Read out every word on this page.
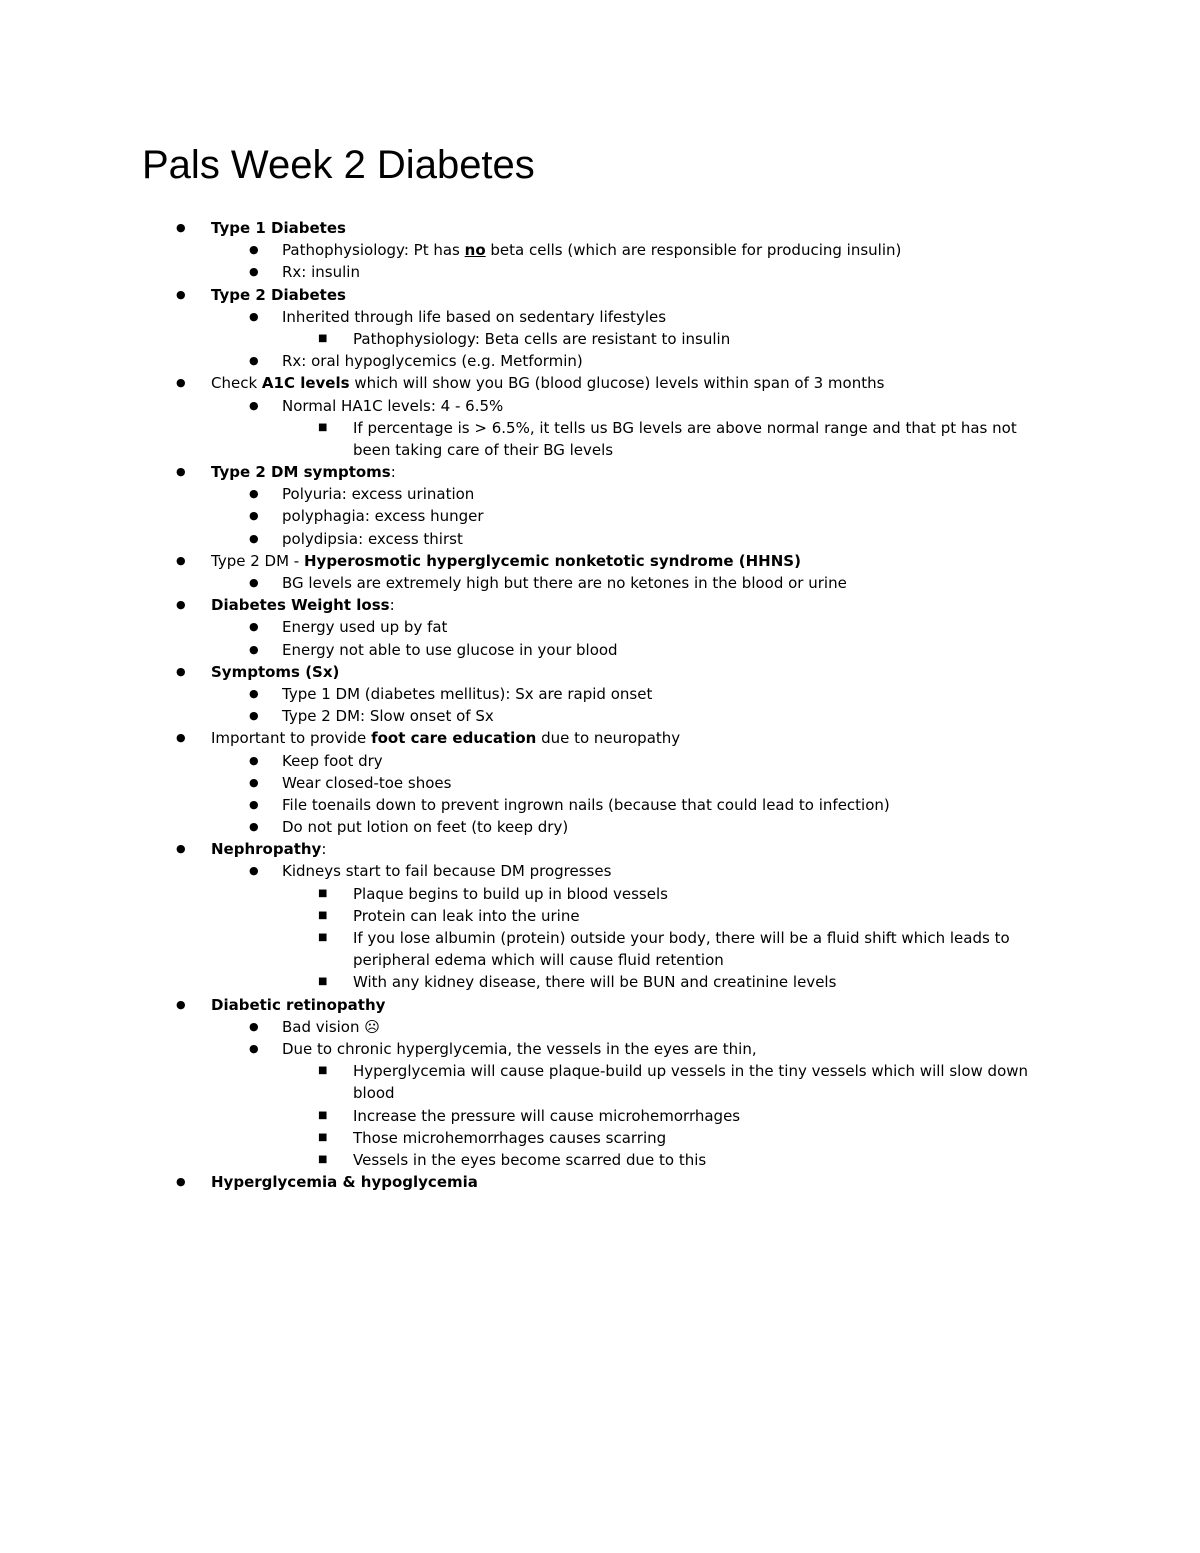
Pals Week 2 Diabetes
● Type 1 Diabetes
● Pathophysiology: Pt has no beta cells (which are responsible for producing insulin)
● Rx: insulin
● Type 2 Diabetes
● Inherited through life based on sedentary lifestyles
■ Pathophysiology: Beta cells are resistant to insulin
● Rx: oral hypoglycemics (e.g. Metformin)
● Check A1C levels which will show you BG (blood glucose) levels within span of 3 months
● Normal HA1C levels: 4 - 6.5%
■ If percentage is > 6.5%, it tells us BG levels are above normal range and that pt has not been taking care of their BG levels
● Type 2 DM symptoms:
● Polyuria: excess urination
● polyphagia: excess hunger
● polydipsia: excess thirst
● Type 2 DM - Hyperosmotic hyperglycemic nonketotic syndrome (HHNS)
● BG levels are extremely high but there are no ketones in the blood or urine
● Diabetes Weight loss:
● Energy used up by fat
● Energy not able to use glucose in your blood
● Symptoms (Sx)
● Type 1 DM (diabetes mellitus): Sx are rapid onset
● Type 2 DM: Slow onset of Sx
● Important to provide foot care education due to neuropathy
● Keep foot dry
● Wear closed-toe shoes
● File toenails down to prevent ingrown nails (because that could lead to infection)
● Do not put lotion on feet (to keep dry)
● Nephropathy:
● Kidneys start to fail because DM progresses
■ Plaque begins to build up in blood vessels
■ Protein can leak into the urine
■ If you lose albumin (protein) outside your body, there will be a fluid shift which leads to peripheral edema which will cause fluid retention
■ With any kidney disease, there will be BUN and creatinine levels
● Diabetic retinopathy
● Bad vision ☹
● Due to chronic hyperglycemia, the vessels in the eyes are thin,
■ Hyperglycemia will cause plaque-build up vessels in the tiny vessels which will slow down blood
■ Increase the pressure will cause microhemorrhages
■ Those microhemorrhages causes scarring
■ Vessels in the eyes become scarred due to this
● Hyperglycemia & hypoglycemia
